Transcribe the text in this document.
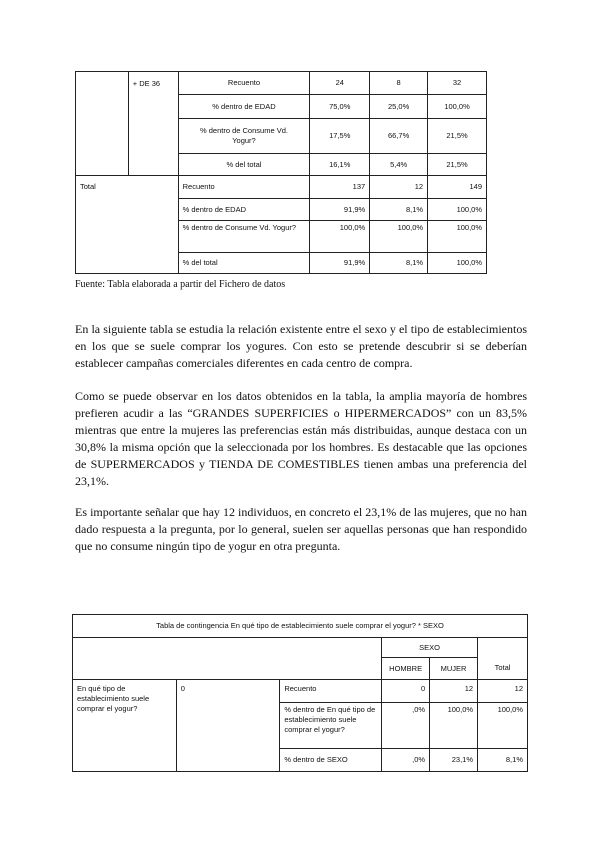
	+ DE 36	Recuento	24	8	32
		% dentro de EDAD	75,0%	25,0%	100,0%
		% dentro de Consume Vd. Yogur?	17,5%	66,7%	21,5%
		% del total	16,1%	5,4%	21,5%
Total		Recuento	137	12	149
		% dentro de EDAD	91,9%	8,1%	100,0%
		% dentro de Consume Vd. Yogur?	100,0%	100,0%	100,0%
		% del total	91,9%	8,1%	100,0%
Fuente: Tabla elaborada a partir del Fichero de datos

En la siguiente tabla se estudia la relación existente entre el sexo y el tipo de establecimientos en los que se suele comprar los yogures. Con esto se pretende descubrir si se deberían establecer campañas comerciales diferentes en cada centro de compra.

Como se puede observar en los datos obtenidos en la tabla, la amplia mayoría de hombres prefieren acudir a las “GRANDES SUPERFICIES o HIPERMERCADOS” con un 83,5% mientras que entre la mujeres las preferencias están más distribuidas, aunque destaca con un 30,8% la misma opción que la seleccionada por los hombres. Es destacable que las opciones de SUPERMERCADOS y TIENDA DE COMESTIBLES tienen ambas una preferencia del 23,1%.

Es importante señalar que hay 12 individuos, en concreto el 23,1% de las mujeres, que no han dado respuesta a la pregunta, por lo general, suelen ser aquellas personas que han respondido que no consume ningún tipo de yogur en otra pregunta.

Tabla de contingencia En qué tipo de establecimiento suele comprar el yogur? * SEXO					
			SEXO		Total
			HOMBRE	MUJER	
En qué tipo de establecimiento suele comprar el yogur?	0	Recuento	0	12	12
		% dentro de En qué tipo de establecimiento suele comprar el yogur?	,0%	100,0%	100,0%
		% dentro de SEXO	,0%	23,1%	8,1%
